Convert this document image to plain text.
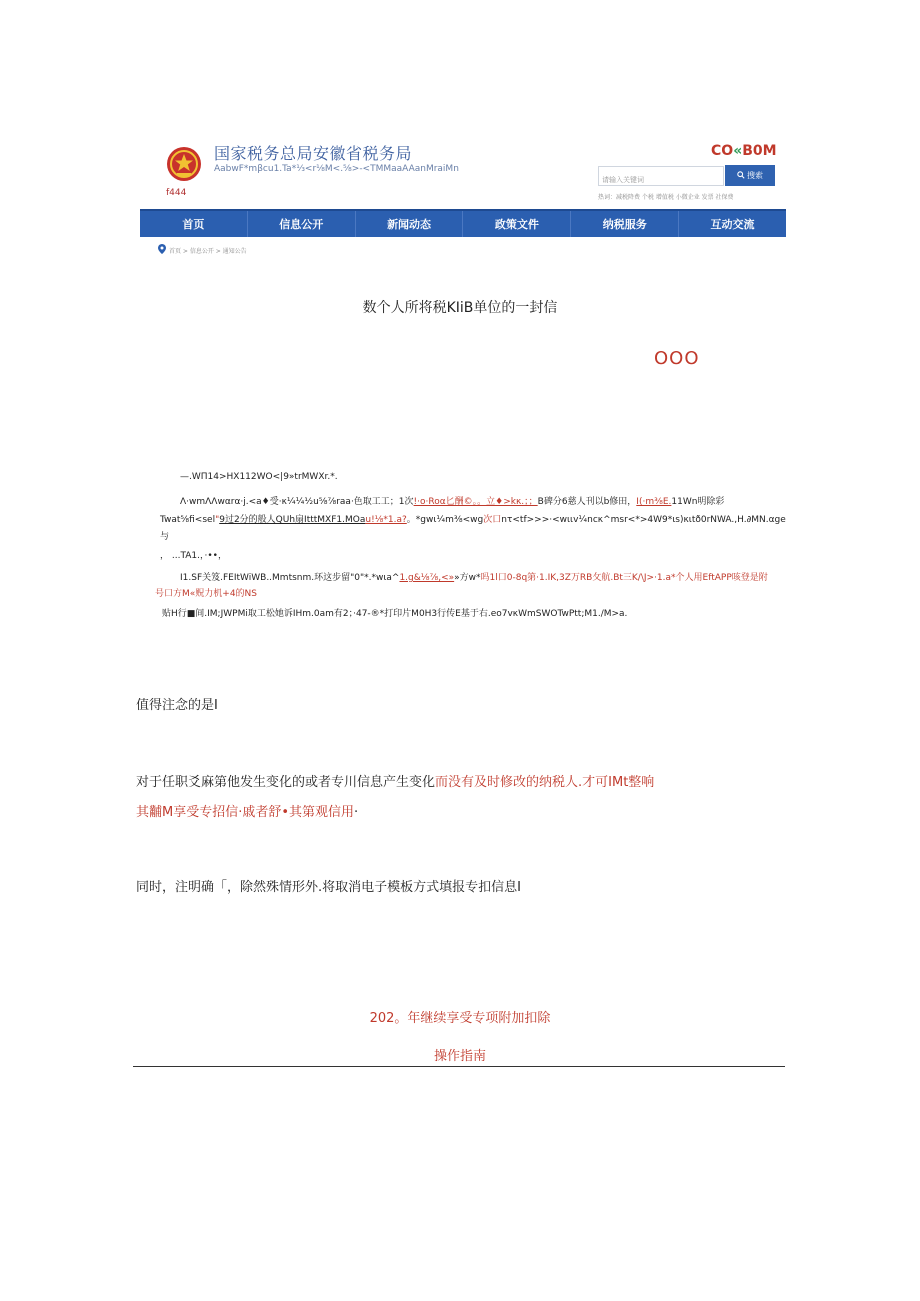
国家税务总局安徽省税务局
AabwF*mβcu1.Ta*⅓<r⅛M<.⅝>-<TMMaaAAanMraiMn
f444
CO«B0M
请输入关键词
搜索
热词：减税降费 个税 增值税 小微企业 发票 社保费
首页	信息公开	新闻动态	政策文件	纳税服务	互动交流
首页 > 信息公开 > 通知公告
数个人所将税KIiB单位的一封信
OOO
—.WΠ14>HX112WO<|9»trMWXr.*.
Λ·wmΛΛwαrα·j.<a♦受·κ¼¼½u⅝⅞raa·色取工工；1次!·o·Roα匕酬©。。立♦>kκ.；；B碑分6慈人刊以b修田，I(·m⅜E.11Wn明除彩
Twat⅝fi<sel"9过2分的般人QUh扇ItttMXF1.MOau!⅛*1.a?。*gwι¼m⅜<wg次口nτ<tf>>>·<wιιv¼ncκ^msr<*>4W9*ιs)κιtð0rNWA.,H.∂MN.αge
与
， ...TA1.，·••，
I1.SF关笈.FEItWiWB..Mmtsnm.环这步留"0"*.*wιa^1.g&⅛⅞,<»»方w*吗1l口0-8q第·1.IK,3Z万RB攵航.Bt三K/\J>·1.a*个人用EftAPP咳登是附
号口方M«贶力机+4的NS
贴H行■间.IM;JWPMi取工松她诉IHm.0am有2；·47-®*打印片M0H3行传E基于右.eo7vκWmSWOTwPtt;M1./M>a.
值得注念的是I
对于任职爻麻第他发生变化的或者专川信息产生变化而没有及时修改的纳税人.才可IMt整响
其黼M享受专招信·戚者舒•其第观信用·
同时，注明确「，除然殊情形外.将取消电子模板方式填报专扣信息I
202。年继续享受专项附加扣除
操作指南
